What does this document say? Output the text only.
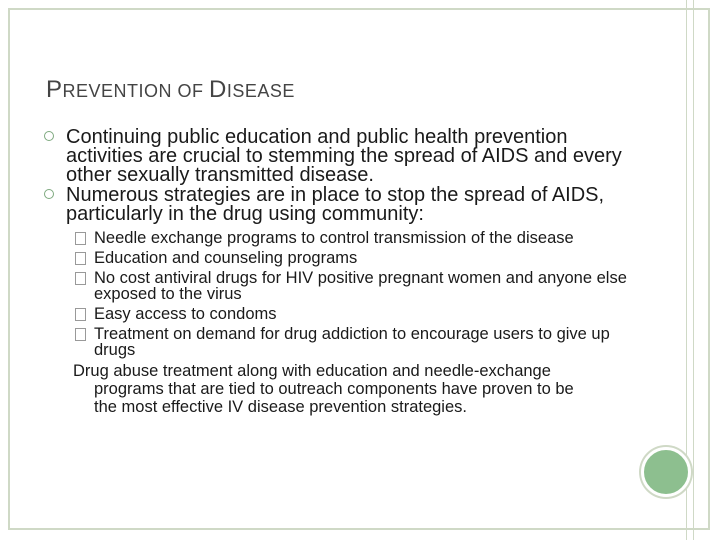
PREVENTION OF DISEASE
Continuing public education and public health prevention activities are crucial to stemming the spread of AIDS and every other sexually transmitted disease.
Numerous strategies are in place to stop the spread of AIDS, particularly in the drug using community:
Needle exchange programs to control transmission of the disease
Education and counseling programs
No cost antiviral drugs for HIV positive pregnant women and anyone else exposed to the virus
Easy access to condoms
Treatment on demand for drug addiction to encourage users to give up drugs
Drug abuse treatment along with education and needle-exchange programs that are tied to outreach components have proven to be the most effective IV disease prevention strategies.
